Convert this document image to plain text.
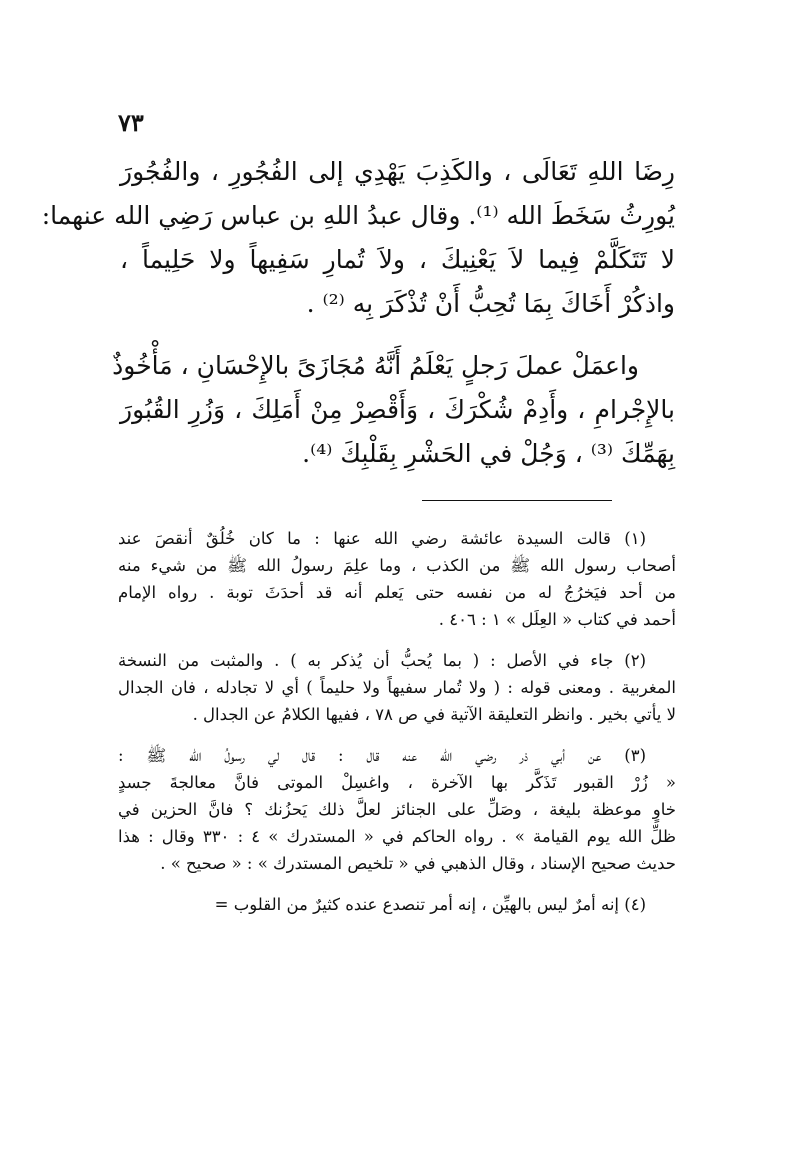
٧٣
رِضَا اللهِ تَعَالَى ، والكَذِبَ يَهْدِي إلى الفُجُورِ ، والفُجُورَ
يُورِثُ سَخَطَ الله ⁽¹⁾. وقال عبدُ اللهِ بن عباس رَضِي الله عنهما:
لا تَتَكَلَّمْ فِيما لاَ يَعْنِيكَ ، ولاَ تُمارِ سَفِيهاً ولا حَلِيماً ،
واذكُرْ أَخَاكَ بِمَا تُحِبُّ أَنْ تُذْكَرَ بِه ⁽²⁾ .
واعمَلْ عملَ رَجلٍ يَعْلَمُ أَنَّهُ مُجَازَىً بالإِحْسَانِ ، مَأْخُوذٌ
بالإِجْرامِ ، وأَدِمْ شُكْرَكَ ، وَأَقْصِرْ مِنْ أَمَلِكَ ، وَزُرِ القُبُورَ
بِهَمِّكَ ⁽³⁾ ، وَجُلْ في الحَشْرِ بِقَلْبِكَ ⁽⁴⁾.
(١) قالت السيدة عائشة رضي الله عنها : ما كان خُلُقٌ أنقصَ عند
أصحاب رسول الله ﷺ من الكذب ، وما علِمَ رسولُ الله ﷺ من شيء منه
من أحد فيَخرُجُ له من نفسه حتى يَعلم أنه قد أحدَثَ توبة . رواه الإمام
أحمد في كتاب « العِلَل » ١ : ٤٠٦ .
(٢) جاء في الأصل : ( بما يُحبُّ أن يُذكر به ) . والمثبت من النسخة
المغربية . ومعنى قوله : ( ولا تُمار سفيهاً ولا حليماً ) أي لا تجادله ، فان الجدال
لا يأتي بخير . وانظر التعليقة الآتية في ص ٧٨ ، ففيها الكلامُ عن الجدال .
(٣) عن أبي ذر رضي الله عنه قال : قال لي رسولُ الله ﷺ :
« زُرْ القبور تَذَكَّر بها الآخرة ، واغسِلْ الموتى فانَّ معالجةَ جسدٍ
خاوٍ موعظة بليغة ، وصَلِّ على الجنائز لعلَّ ذلك يَحزُنك ؟ فانَّ الحزين في
ظلِّ الله يوم القيامة » . رواه الحاكم في « المستدرك » ٤ : ٣٣٠ وقال : هذا
حديث صحيح الإسناد ، وقال الذهبي في « تلخيص المستدرك » : « صحيح » .
(٤) إنه أمرٌ ليس بالهيِّن ، إنه أمر تنصدع عنده كثيرٌ من القلوب =
